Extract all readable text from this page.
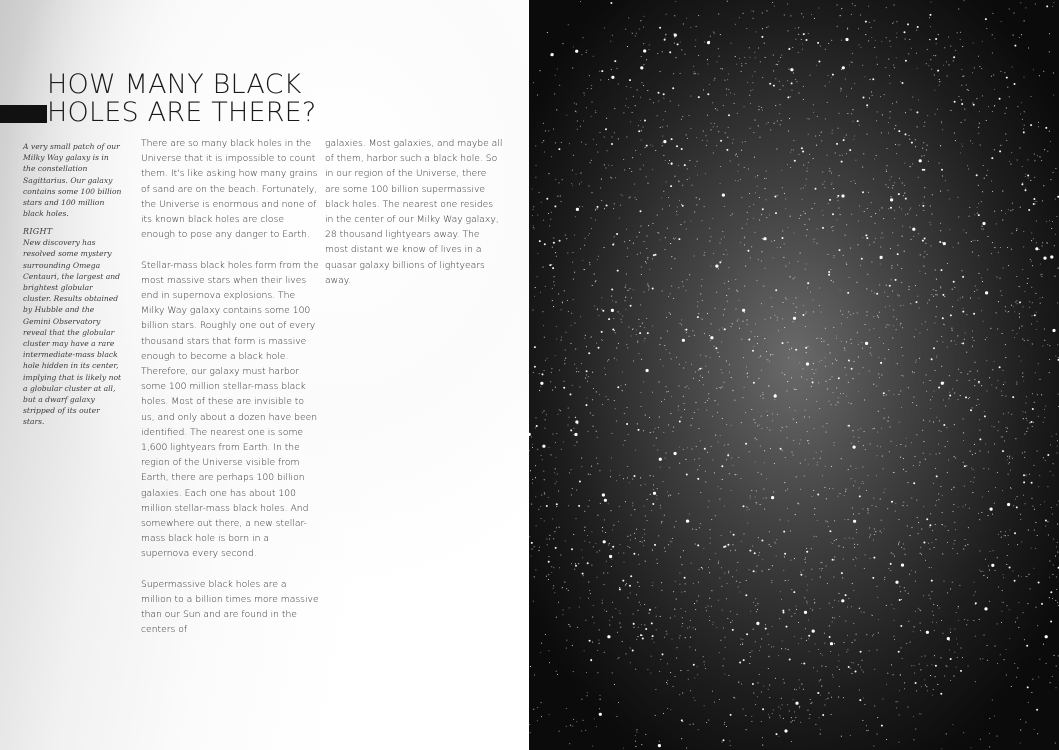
HOW MANY BLACK
HOLES ARE THERE?

A very small patch of our Milky Way galaxy is in the constellation Sagittarius. Our galaxy contains some 100 billion stars and 100 million black holes.

RIGHT

New discovery has resolved some mystery surrounding Omega Centauri, the largest and brightest globular cluster. Results obtained by Hubble and the Gemini Observatory reveal that the globular cluster may have a rare intermediate-mass black hole hidden in its center, implying that is likely not a globular cluster at all, but a dwarf galaxy stripped of its outer stars.

There are so many black holes in the Universe that it is impossible to count them. It's like asking how many grains of sand are on the beach. Fortunately, the Universe is enormous and none of its known black holes are close enough to pose any danger to Earth.

Stellar-mass black holes form from the most massive stars when their lives end in supernova explosions. The Milky Way galaxy contains some 100 billion stars. Roughly one out of every thousand stars that form is massive enough to become a black hole. Therefore, our galaxy must harbor some 100 million stellar-mass black holes. Most of these are invisible to us, and only about a dozen have been identified. The nearest one is some 1,600 lightyears from Earth. In the region of the Universe visible from Earth, there are perhaps 100 billion galaxies. Each one has about 100 million stellar-mass black holes. And somewhere out there, a new stellar-mass black hole is born in a supernova every second.

Supermassive black holes are a million to a billion times more massive than our Sun and are found in the centers of

galaxies. Most galaxies, and maybe all of them, harbor such a black hole. So in our region of the Universe, there are some 100 billion supermassive black holes. The nearest one resides in the center of our Milky Way galaxy, 28 thousand lightyears away. The most distant we know of lives in a quasar galaxy billions of lightyears away.
